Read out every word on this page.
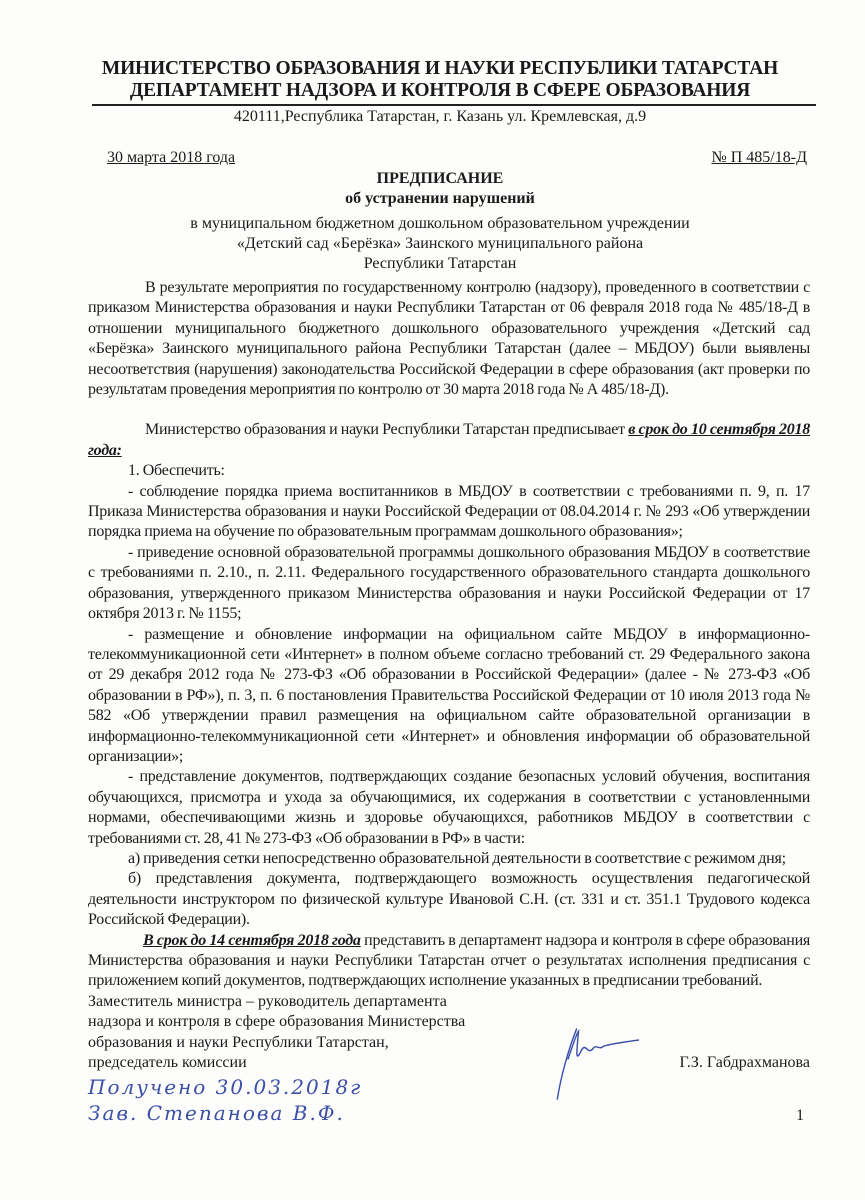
МИНИСТЕРСТВО ОБРАЗОВАНИЯ И НАУКИ РЕСПУБЛИКИ ТАТАРСТАН
ДЕПАРТАМЕНТ НАДЗОРА И КОНТРОЛЯ В СФЕРЕ ОБРАЗОВАНИЯ
420111,Республика Татарстан, г. Казань ул. Кремлевская, д.9
30 марта 2018 года	№ П 485/18-Д
ПРЕДПИСАНИЕ
об устранении нарушений
в муниципальном бюджетном дошкольном образовательном учреждении
«Детский сад «Берёзка» Заинского муниципального района
Республики Татарстан

В результате мероприятия по государственному контролю (надзору), проведенного в соответствии с приказом Министерства образования и науки Республики Татарстан от 06 февраля 2018 года № 485/18-Д в отношении муниципального бюджетного дошкольного образовательного учреждения «Детский сад «Берёзка» Заинского муниципального района Республики Татарстан (далее – МБДОУ) были выявлены несоответствия (нарушения) законодательства Российской Федерации в сфере образования (акт проверки по результатам проведения мероприятия по контролю от 30 марта 2018 года № А 485/18-Д).

Министерство образования и науки Республики Татарстан предписывает в срок до 10 сентября 2018 года:

1. Обеспечить:

- соблюдение порядка приема воспитанников в МБДОУ в соответствии с требованиями п. 9, п. 17 Приказа Министерства образования и науки Российской Федерации от 08.04.2014 г. № 293 «Об утверждении порядка приема на обучение по образовательным программам дошкольного образования»;

- приведение основной образовательной программы дошкольного образования МБДОУ в соответствие с требованиями п. 2.10., п. 2.11. Федерального государственного образовательного стандарта дошкольного образования, утвержденного приказом Министерства образования и науки Российской Федерации от 17 октября 2013 г. № 1155;

- размещение и обновление информации на официальном сайте МБДОУ в информационно-телекоммуникационной сети «Интернет» в полном объеме согласно требований ст. 29 Федерального закона от 29 декабря 2012 года № 273-ФЗ «Об образовании в Российской Федерации» (далее - № 273-ФЗ «Об образовании в РФ»), п. 3, п. 6 постановления Правительства Российской Федерации от 10 июля 2013 года № 582 «Об утверждении правил размещения на официальном сайте образовательной организации в информационно-телекоммуникационной сети «Интернет» и обновления информации об образовательной организации»;

- представление документов, подтверждающих создание безопасных условий обучения, воспитания обучающихся, присмотра и ухода за обучающимися, их содержания в соответствии с установленными нормами, обеспечивающими жизнь и здоровье обучающихся, работников МБДОУ в соответствии с требованиями ст. 28, 41 № 273-ФЗ «Об образовании в РФ» в части:

а) приведения сетки непосредственно образовательной деятельности в соответствие с режимом дня;

б) представления документа, подтверждающего возможность осуществления педагогической деятельности инструктором по физической культуре Ивановой С.Н. (ст. 331 и ст. 351.1 Трудового кодекса Российской Федерации).

В срок до 14 сентября 2018 года представить в департамент надзора и контроля в сфере образования Министерства образования и науки Республики Татарстан отчет о результатах исполнения предписания с приложением копий документов, подтверждающих исполнение указанных в предписании требований.

Заместитель министра – руководитель департамента
надзора и контроля в сфере образования Министерства
образования и науки Республики Татарстан,
председатель комиссии	Г.З. Габдрахманова
Получено 30.03.2018г
Зав. Степанова В.Ф.	1
